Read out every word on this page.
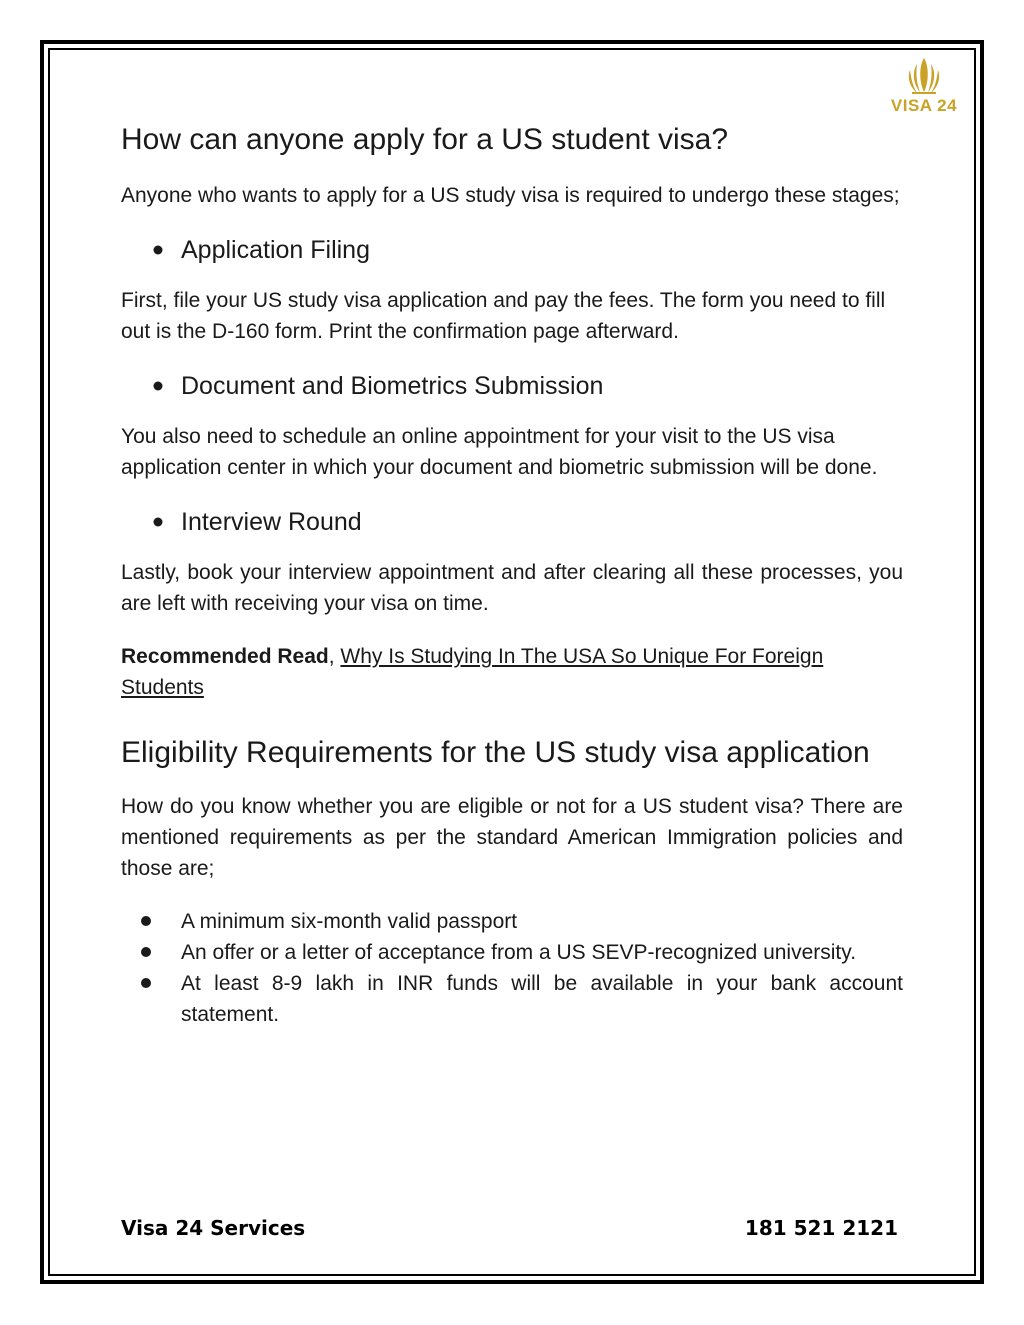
VISA 24
How can anyone apply for a US student visa?

Anyone who wants to apply for a US study visa is required to undergo these stages;

Application Filing

First, file your US study visa application and pay the fees. The form you need to fill out is the D-160 form. Print the confirmation page afterward.

Document and Biometrics Submission

You also need to schedule an online appointment for your visit to the US visa application center in which your document and biometric submission will be done.

Interview Round

Lastly, book your interview appointment and after clearing all these processes, you are left with receiving your visa on time.

Recommended Read, Why Is Studying In The USA So Unique For Foreign Students

Eligibility Requirements for the US study visa application

How do you know whether you are eligible or not for a US student visa? There are mentioned requirements as per the standard American Immigration policies and those are;

A minimum six-month valid passport
An offer or a letter of acceptance from a US SEVP-recognized university.
At least 8-9 lakh in INR funds will be available in your bank account statement.
Visa 24 Services	181 521 2121
